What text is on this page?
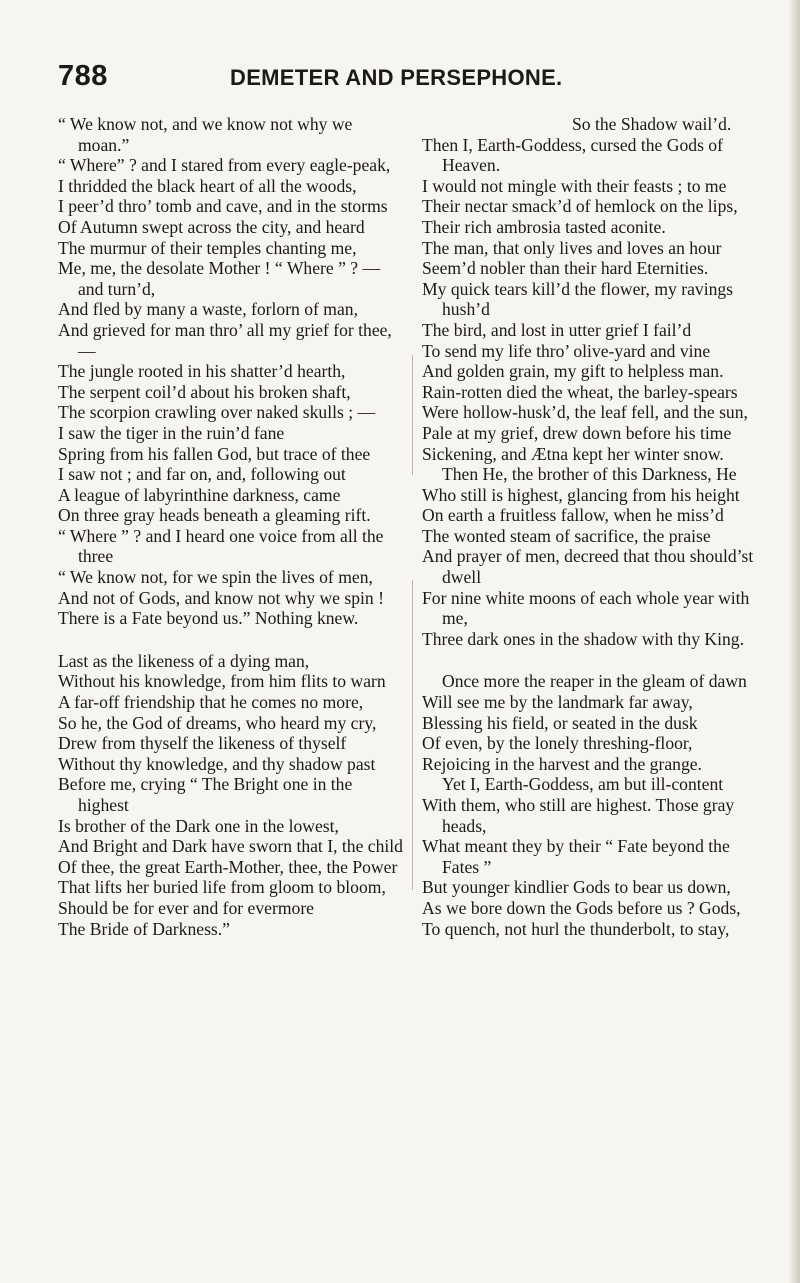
788	DEMETER AND PERSEPHONE.

“ We know not, and we know not why we moan.”

“ Where” ? and I stared from every eagle-peak,

I thridded the black heart of all the woods,

I peer’d thro’ tomb and cave, and in the storms

Of Autumn swept across the city, and heard

The murmur of their temples chanting me,

Me, me, the desolate Mother ! “ Where ” ? — and turn’d,

And fled by many a waste, forlorn of man,

And grieved for man thro’ all my grief for thee, —

The jungle rooted in his shatter’d hearth,

The serpent coil’d about his broken shaft,

The scorpion crawling over naked skulls ; —

I saw the tiger in the ruin’d fane

Spring from his fallen God, but trace of thee

I saw not ; and far on, and, following out

A league of labyrinthine darkness, came

On three gray heads beneath a gleaming rift.

“ Where ” ? and I heard one voice from all the three

“ We know not, for we spin the lives of men,

And not of Gods, and know not why we spin !

There is a Fate beyond us.” Nothing knew.

Last as the likeness of a dying man,

Without his knowledge, from him flits to warn

A far-off friendship that he comes no more,

So he, the God of dreams, who heard my cry,

Drew from thyself the likeness of thyself

Without thy knowledge, and thy shadow past

Before me, crying “ The Bright one in the highest

Is brother of the Dark one in the lowest,

And Bright and Dark have sworn that I, the child

Of thee, the great Earth-Mother, thee, the Power

That lifts her buried life from gloom to bloom,

Should be for ever and for evermore

The Bride of Darkness.”

So the Shadow wail’d.

Then I, Earth-Goddess, cursed the Gods of Heaven.

I would not mingle with their feasts ; to me

Their nectar smack’d of hemlock on the lips,

Their rich ambrosia tasted aconite.

The man, that only lives and loves an hour

Seem’d nobler than their hard Eternities.

My quick tears kill’d the flower, my ravings hush’d

The bird, and lost in utter grief I fail’d

To send my life thro’ olive-yard and vine

And golden grain, my gift to helpless man.

Rain-rotten died the wheat, the barley-spears

Were hollow-husk’d, the leaf fell, and the sun,

Pale at my grief, drew down before his time

Sickening, and Ætna kept her winter snow.

Then He, the brother of this Darkness, He

Who still is highest, glancing from his height

On earth a fruitless fallow, when he miss’d

The wonted steam of sacrifice, the praise

And prayer of men, decreed that thou should’st dwell

For nine white moons of each whole year with me,

Three dark ones in the shadow with thy King.

Once more the reaper in the gleam of dawn

Will see me by the landmark far away,

Blessing his field, or seated in the dusk

Of even, by the lonely threshing-floor,

Rejoicing in the harvest and the grange.

Yet I, Earth-Goddess, am but ill-content

With them, who still are highest. Those gray heads,

What meant they by their “ Fate beyond the Fates ”

But younger kindlier Gods to bear us down,

As we bore down the Gods before us ? Gods,

To quench, not hurl the thunderbolt, to stay,
